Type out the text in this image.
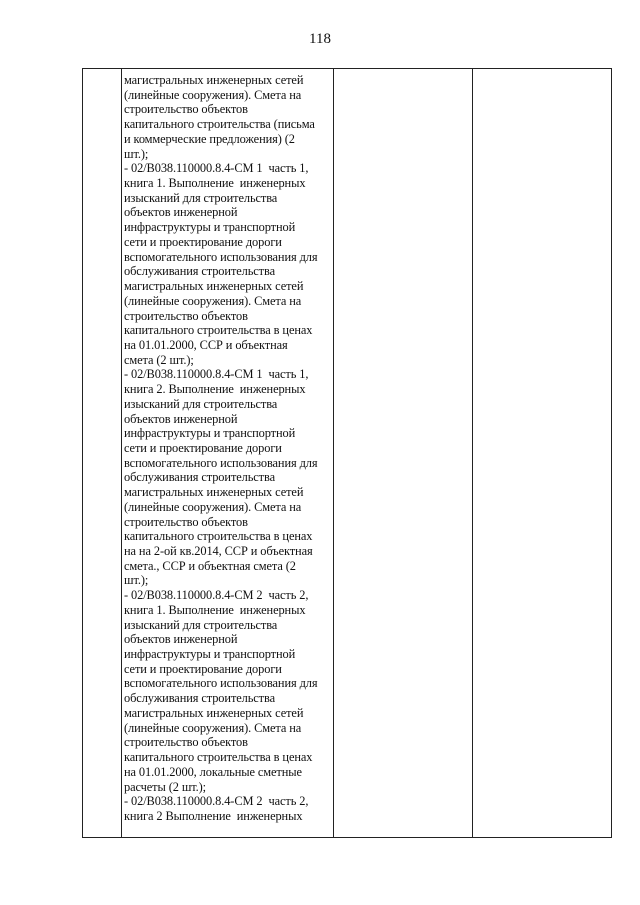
118

магистральных инженерных сетей
(линейные сооружения). Смета на
строительство объектов
капитального строительства (письма
и коммерческие предложения) (2
шт.);
- 02/В038.110000.8.4-СМ 1  часть 1,
книга 1. Выполнение  инженерных
изысканий для строительства
объектов инженерной
инфраструктуры и транспортной
сети и проектирование дороги
вспомогательного использования для
обслуживания строительства
магистральных инженерных сетей
(линейные сооружения). Смета на
строительство объектов
капитального строительства в ценах
на 01.01.2000, ССР и объектная
смета (2 шт.);
- 02/В038.110000.8.4-СМ 1  часть 1,
книга 2. Выполнение  инженерных
изысканий для строительства
объектов инженерной
инфраструктуры и транспортной
сети и проектирование дороги
вспомогательного использования для
обслуживания строительства
магистральных инженерных сетей
(линейные сооружения). Смета на
строительство объектов
капитального строительства в ценах
на на 2-ой кв.2014, ССР и объектная
смета., ССР и объектная смета (2
шт.);
- 02/В038.110000.8.4-СМ 2  часть 2,
книга 1. Выполнение  инженерных
изысканий для строительства
объектов инженерной
инфраструктуры и транспортной
сети и проектирование дороги
вспомогательного использования для
обслуживания строительства
магистральных инженерных сетей
(линейные сооружения). Смета на
строительство объектов
капитального строительства в ценах
на 01.01.2000, локальные сметные
расчеты (2 шт.);
- 02/В038.110000.8.4-СМ 2  часть 2,
книга 2 Выполнение  инженерных
